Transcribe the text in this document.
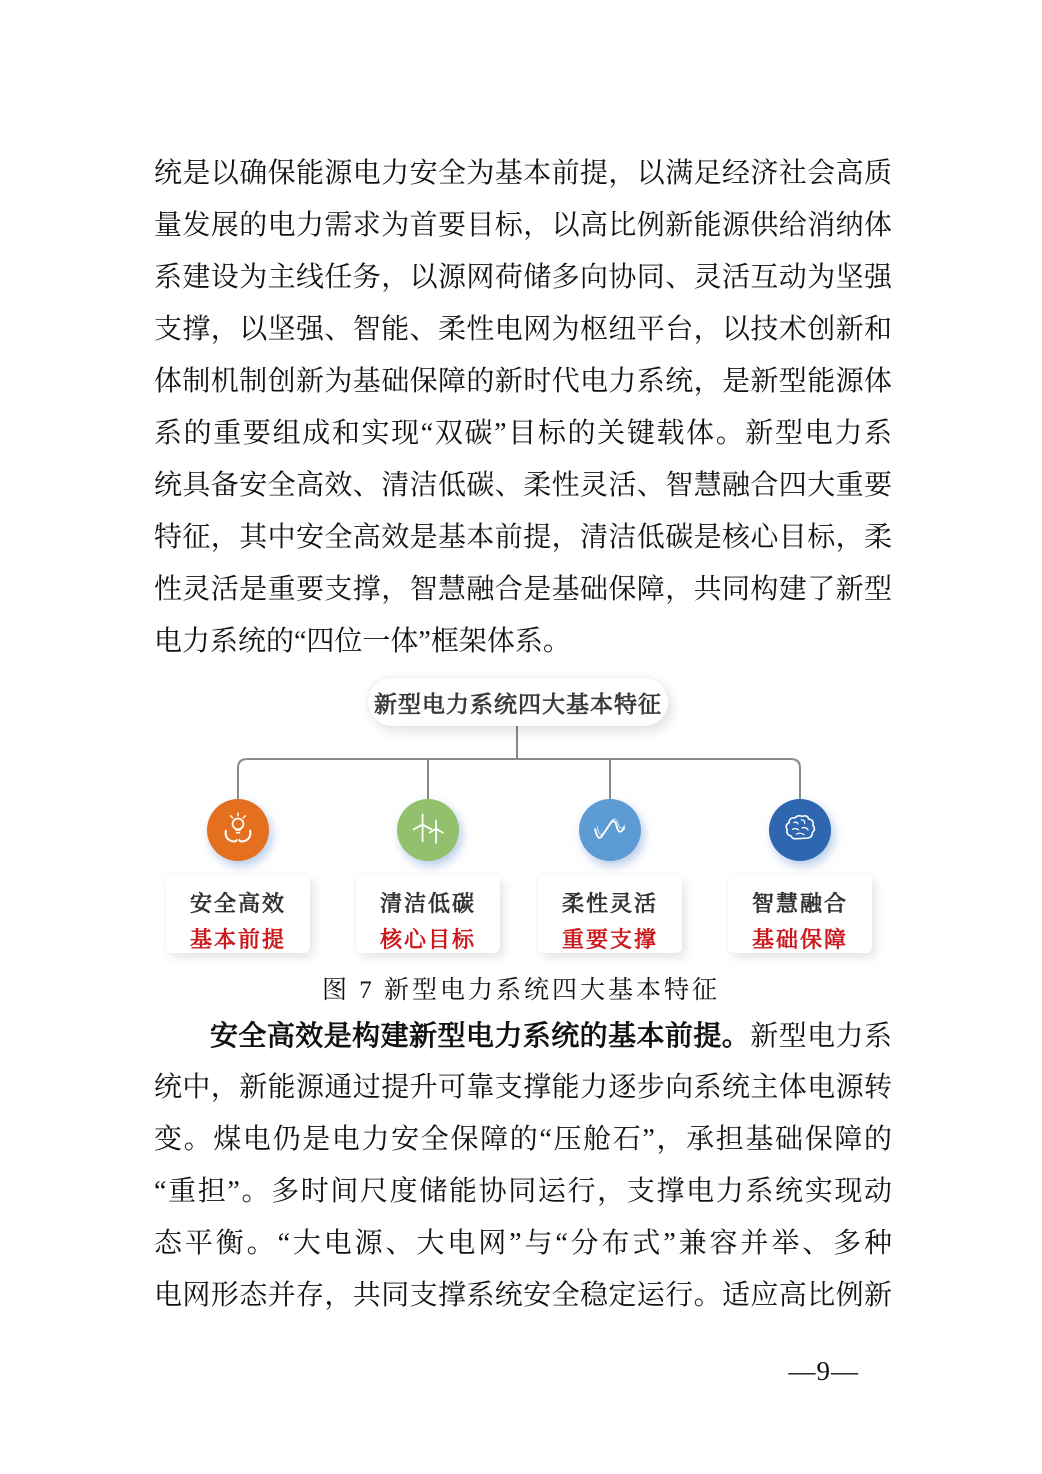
统是以确保能源电力安全为基本前提，以满足经济社会高质
量发展的电力需求为首要目标，以高比例新能源供给消纳体
系建设为主线任务，以源网荷储多向协同、灵活互动为坚强
支撑，以坚强、智能、柔性电网为枢纽平台，以技术创新和
体制机制创新为基础保障的新时代电力系统，是新型能源体
系的重要组成和实现“双碳”目标的关键载体。新型电力系
统具备安全高效、清洁低碳、柔性灵活、智慧融合四大重要
特征，其中安全高效是基本前提，清洁低碳是核心目标，柔
性灵活是重要支撑，智慧融合是基础保障，共同构建了新型
电力系统的“四位一体”框架体系。
新型电力系统四大基本特征
安全高效
基本前提
清洁低碳
核心目标
柔性灵活
重要支撑
智慧融合
基础保障
图 7 新型电力系统四大基本特征
安全高效是构建新型电力系统的基本前提。新型电力系
统中，新能源通过提升可靠支撑能力逐步向系统主体电源转
变。煤电仍是电力安全保障的“压舱石”，承担基础保障的
“重担”。多时间尺度储能协同运行，支撑电力系统实现动
态平衡。“大电源、大电网”与“分布式”兼容并举、多种
电网形态并存，共同支撑系统安全稳定运行。适应高比例新
—9—
